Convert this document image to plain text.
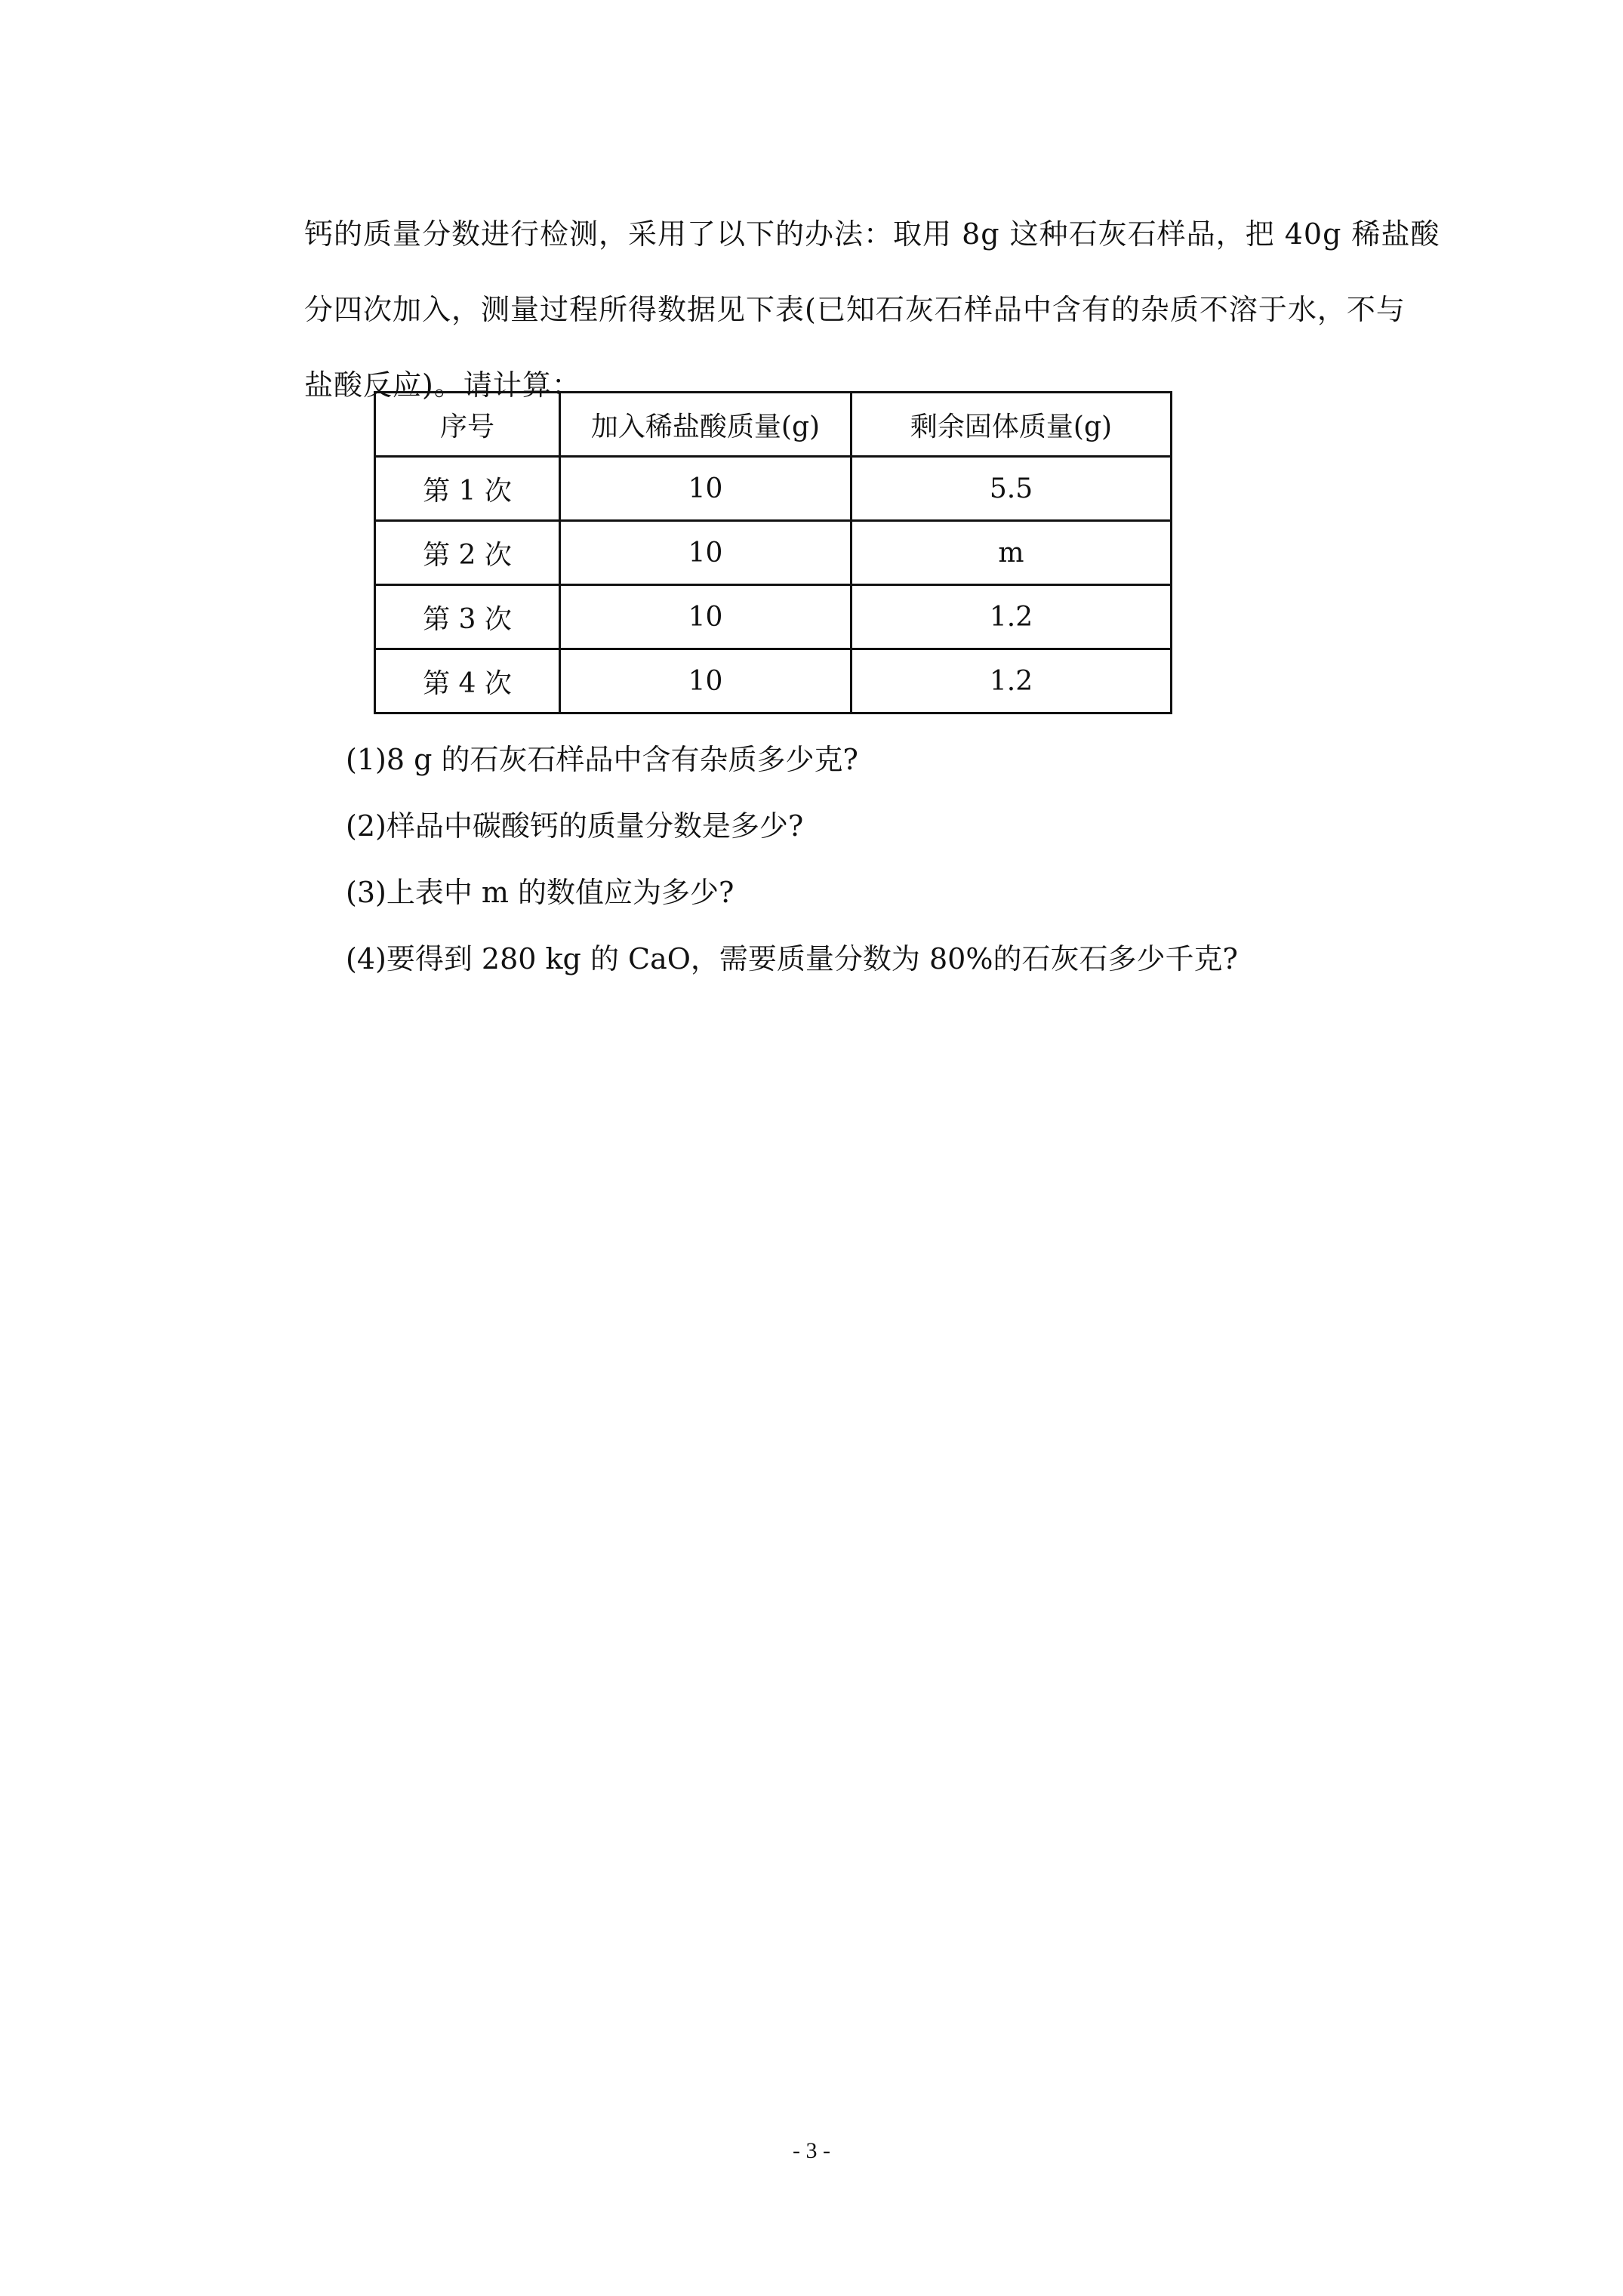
钙的质量分数进行检测，采用了以下的办法：取用 8g 这种石灰石样品，把 40g 稀盐酸
分四次加入，测量过程所得数据见下表(已知石灰石样品中含有的杂质不溶于水，不与
盐酸反应)。请计算：
序号	加入稀盐酸质量(g)	剩余固体质量(g)
第 1 次	10	5.5
第 2 次	10	m
第 3 次	10	1.2
第 4 次	10	1.2
(1)8 g 的石灰石样品中含有杂质多少克?
(2)样品中碳酸钙的质量分数是多少?
(3)上表中 m 的数值应为多少?
(4)要得到 280 kg 的 CaO，需要质量分数为 80%的石灰石多少千克?
- 3 -
